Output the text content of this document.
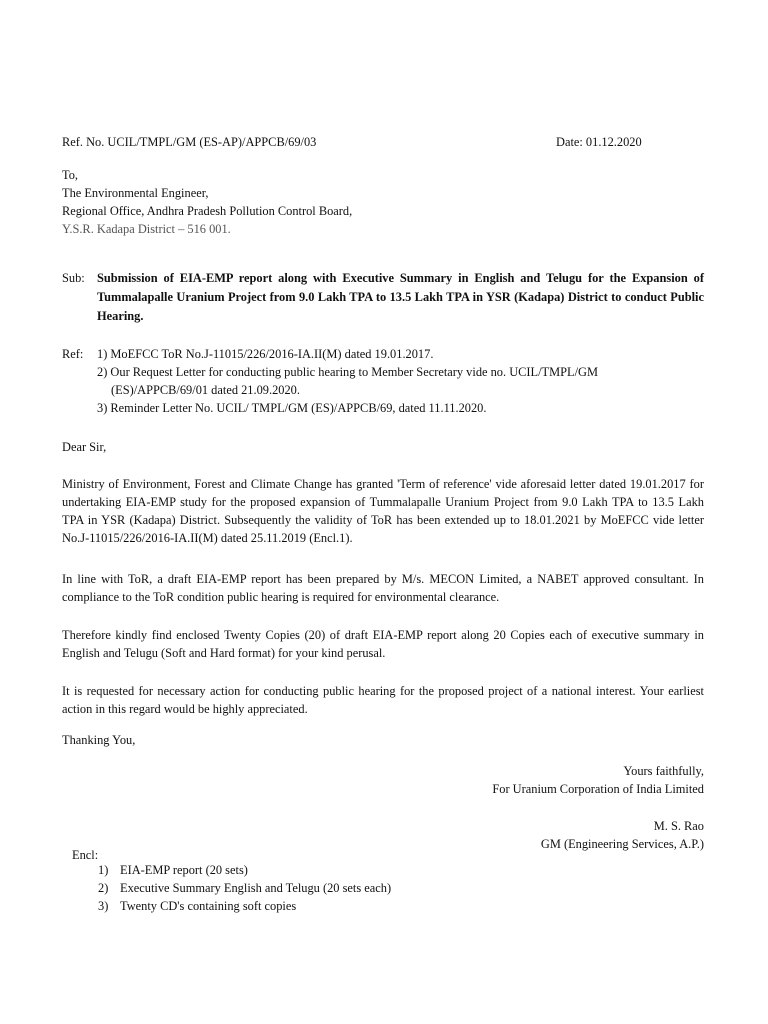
Ref. No. UCIL/TMPL/GM (ES-AP)/APPCB/69/03	Date: 01.12.2020
To,
The Environmental Engineer,
Regional Office, Andhra Pradesh Pollution Control Board,
Y.S.R. Kadapa District – 516 001.
Sub: Submission of EIA-EMP report along with Executive Summary in English and Telugu for the Expansion of Tummalapalle Uranium Project from 9.0 Lakh TPA to 13.5 Lakh TPA in YSR (Kadapa) District to conduct Public Hearing.
Ref: 1) MoEFCC ToR No.J-11015/226/2016-IA.II(M) dated 19.01.2017.
2) Our Request Letter for conducting public hearing to Member Secretary vide no. UCIL/TMPL/GM
(ES)/APPCB/69/01 dated 21.09.2020.
3) Reminder Letter No. UCIL/ TMPL/GM (ES)/APPCB/69, dated 11.11.2020.
Dear Sir,
Ministry of Environment, Forest and Climate Change has granted 'Term of reference' vide aforesaid letter dated 19.01.2017 for undertaking EIA-EMP study for the proposed expansion of Tummalapalle Uranium Project from 9.0 Lakh TPA to 13.5 Lakh TPA in YSR (Kadapa) District. Subsequently the validity of ToR has been extended up to 18.01.2021 by MoEFCC vide letter No.J-11015/226/2016-IA.II(M) dated 25.11.2019 (Encl.1).
In line with ToR, a draft EIA-EMP report has been prepared by M/s. MECON Limited, a NABET approved consultant. In compliance to the ToR condition public hearing is required for environmental clearance.
Therefore kindly find enclosed Twenty Copies (20) of draft EIA-EMP report along 20 Copies each of executive summary in English and Telugu (Soft and Hard format) for your kind perusal.
It is requested for necessary action for conducting public hearing for the proposed project of a national interest. Your earliest action in this regard would be highly appreciated.
Thanking You,
Yours faithfully,
For Uranium Corporation of India Limited
M. S. Rao
GM (Engineering Services, A.P.)
Encl:
1) EIA-EMP report (20 sets)
2) Executive Summary English and Telugu (20 sets each)
3) Twenty CD's containing soft copies
